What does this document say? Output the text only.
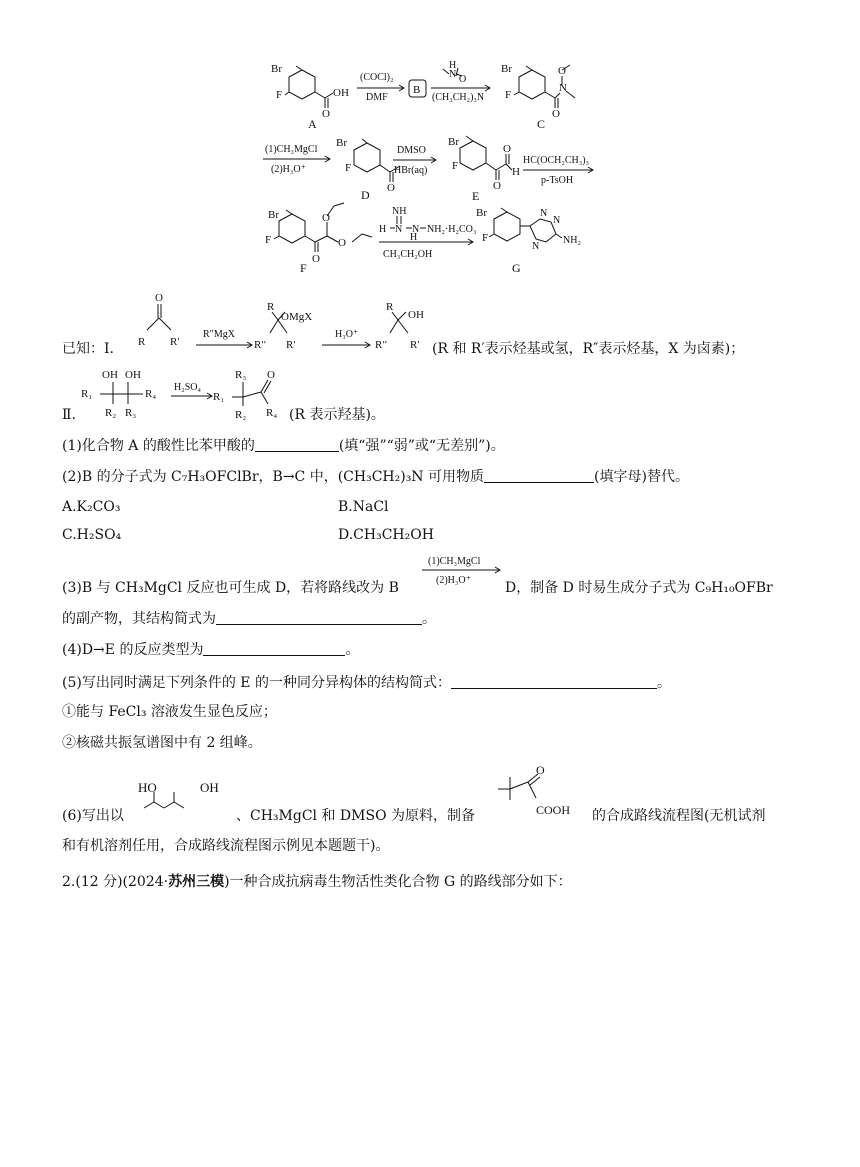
Br
F	OH
O
A
(COCl)₂
DMF
B
N O
H
(CH₃CH₂)₃N
Br
F
N
O
O
C
(1)CH₃MgCl
(2)H₃O⁺
Br
F
O
D
DMSO
HBr(aq)
Br
F
O
O
H
E
HC(OCH₂CH₃)₃
p-TsOH
Br
F
O
O
O
F
NH
H N N
H
NH₂·H₂CO₃
CH₃CH₂OH
Br
F
N
N
N
NH₂
G
已知：Ⅰ.
O
R R′
R″MgX
R
OMgX
R′′ R′
H₃O⁺
R
OH
R′′ R′ (R 和 R′表示烃基或氢，R″表示烃基，X 为卤素)；
Ⅱ.
OH OH
R₁	R₄
R₂ R₃
H₂SO₄
R₁
R₃
R₂
O
R₄ (R 表示羟基)。
(1)化合物 A 的酸性比苯甲酸的	(填“强”“弱”或“无差别”)。
(2)B 的分子式为 C₇H₃OFClBr，B→C 中，(CH₃CH₂)₃N 可用物质	(填字母)替代。
A.K₂CO₃	B.NaCl
C.H₂SO₄	D.CH₃CH₂OH
(3)B 与 CH₃MgCl 反应也可生成 D，若将路线改为 B
(1)CH₃MgCl
(2)H₃O⁺ D，制备 D 时易生成分子式为 C₉H₁₀OFBr
的副产物，其结构简式为	。
(4)D→E 的反应类型为	。
(5)写出同时满足下列条件的 E 的一种同分异构体的结构简式：	。
①能与 FeCl₃ 溶液发生显色反应；
②核磁共振氢谱图中有 2 组峰。
(6)写出以
HO	OH
、CH₃MgCl 和 DMSO 为原料，制备
O
COOH 的合成路线流程图(无机试剂
和有机溶剂任用，合成路线流程图示例见本题题干)。
2.(12 分)(2024·苏州三模)一种合成抗病毒生物活性类化合物 G 的路线部分如下：
